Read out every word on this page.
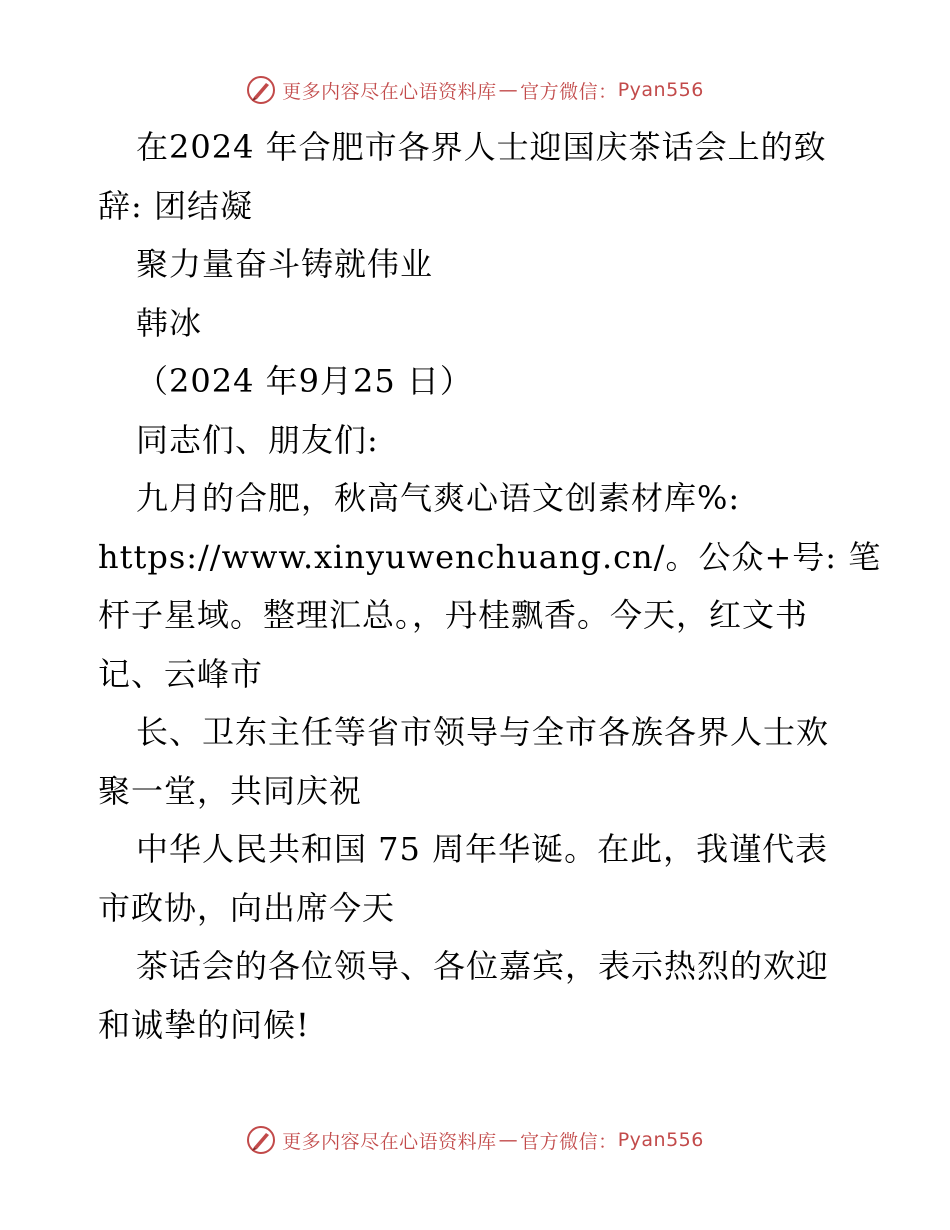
更多内容尽在心语资料库 — 官方微信： Pyan556

在2024 年合肥市各界人士迎国庆茶话会上的致

辞: 团结凝

聚力量奋斗铸就伟业

韩冰

（2024 年9月25 日）

同志们、朋友们:

九月的合肥，秋高气爽心语文创素材库%:

https://www.xinyuwenchuang.cn/。公众+号: 笔

杆子星域。整理汇总。，丹桂飘香。今天，红文书

记、云峰市

长、卫东主任等省市领导与全市各族各界人士欢

聚一堂，共同庆祝

中华人民共和国 75 周年华诞。在此，我谨代表

市政协，向出席今天

茶话会的各位领导、各位嘉宾，表示热烈的欢迎

和诚挚的问候!

更多内容尽在心语资料库 — 官方微信： Pyan556
